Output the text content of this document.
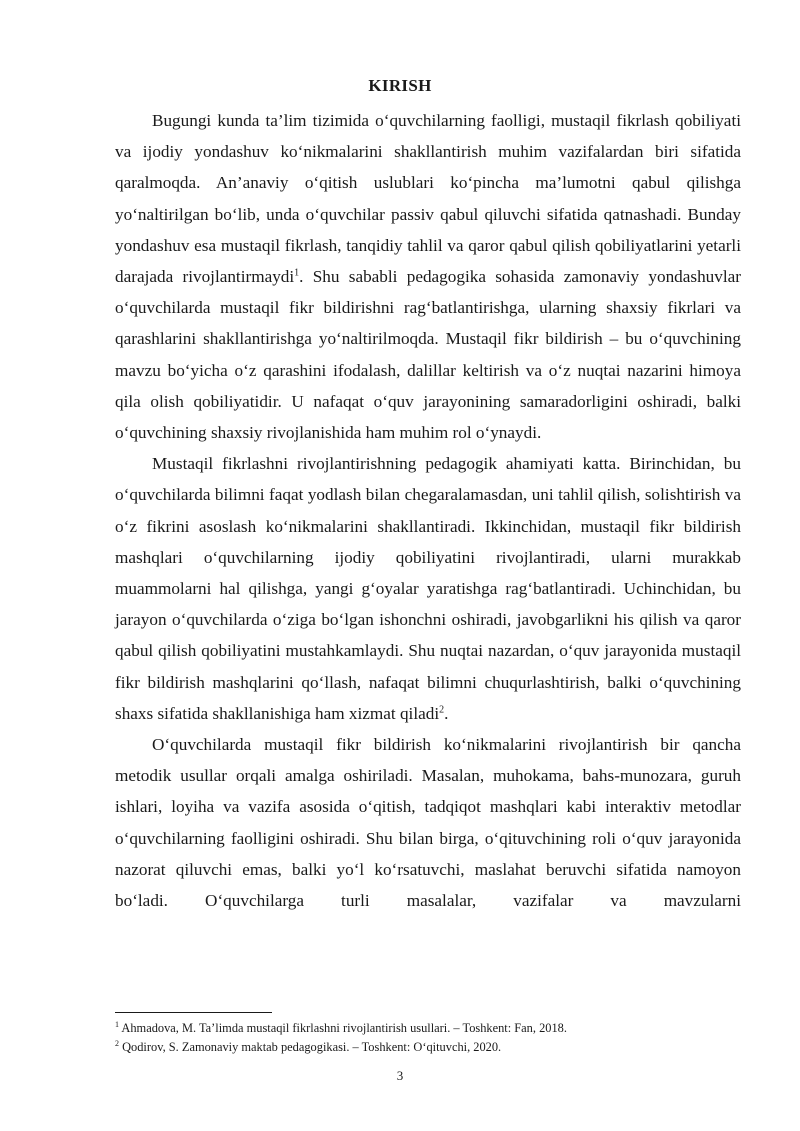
KIRISH

Bugungi kunda ta’lim tizimida o‘quvchilarning faolligi, mustaqil fikrlash qobiliyati va ijodiy yondashuv ko‘nikmalarini shakllantirish muhim vazifalardan biri sifatida qaralmoqda. An’anaviy o‘qitish uslublari ko‘pincha ma’lumotni qabul qilishga yo‘naltirilgan bo‘lib, unda o‘quvchilar passiv qabul qiluvchi sifatida qatnashadi. Bunday yondashuv esa mustaqil fikrlash, tanqidiy tahlil va qaror qabul qilish qobiliyatlarini yetarli darajada rivojlantirmaydi$^1$. Shu sababli pedagogika sohasida zamonaviy yondashuvlar o‘quvchilarda mustaqil fikr bildirishni rag‘batlantirishga, ularning shaxsiy fikrlari va qarashlarini shakllantirishga yo‘naltirilmoqda. Mustaqil fikr bildirish – bu o‘quvchining mavzu bo‘yicha o‘z qarashini ifodalash, dalillar keltirish va o‘z nuqtai nazarini himoya qila olish qobiliyatidir. U nafaqat o‘quv jarayonining samaradorligini oshiradi, balki o‘quvchining shaxsiy rivojlanishida ham muhim rol o‘ynaydi.

Mustaqil fikrlashni rivojlantirishning pedagogik ahamiyati katta. Birinchidan, bu o‘quvchilarda bilimni faqat yodlash bilan chegaralamasdan, uni tahlil qilish, solishtirish va o‘z fikrini asoslash ko‘nikmalarini shakllantiradi. Ikkinchidan, mustaqil fikr bildirish mashqlari o‘quvchilarning ijodiy qobiliyatini rivojlantiradi, ularni murakkab muammolarni hal qilishga, yangi g‘oyalar yaratishga rag‘batlantiradi. Uchinchidan, bu jarayon o‘quvchilarda o‘ziga bo‘lgan ishonchni oshiradi, javobgarlikni his qilish va qaror qabul qilish qobiliyatini mustahkamlaydi. Shu nuqtai nazardan, o‘quv jarayonida mustaqil fikr bildirish mashqlarini qo‘llash, nafaqat bilimni chuqurlashtirish, balki o‘quvchining shaxs sifatida shakllanishiga ham xizmat qiladi$^2$.

O‘quvchilarda mustaqil fikr bildirish ko‘nikmalarini rivojlantirish bir qancha metodik usullar orqali amalga oshiriladi. Masalan, muhokama, bahs-munozara, guruh ishlari, loyiha va vazifa asosida o‘qitish, tadqiqot mashqlari kabi interaktiv metodlar o‘quvchilarning faolligini oshiradi. Shu bilan birga, o‘qituvchining roli o‘quv jarayonida nazorat qiluvchi emas, balki yo‘l ko‘rsatuvchi, maslahat beruvchi sifatida namoyon bo‘ladi. O‘quvchilarga turli masalalar, vazifalar va mavzularni

$^1$ Ahmadova, M. Ta’limda mustaqil fikrlashni rivojlantirish usullari. – Toshkent: Fan, 2018.
$^2$ Qodirov, S. Zamonaviy maktab pedagogikasi. – Toshkent: O‘qituvchi, 2020.
3
